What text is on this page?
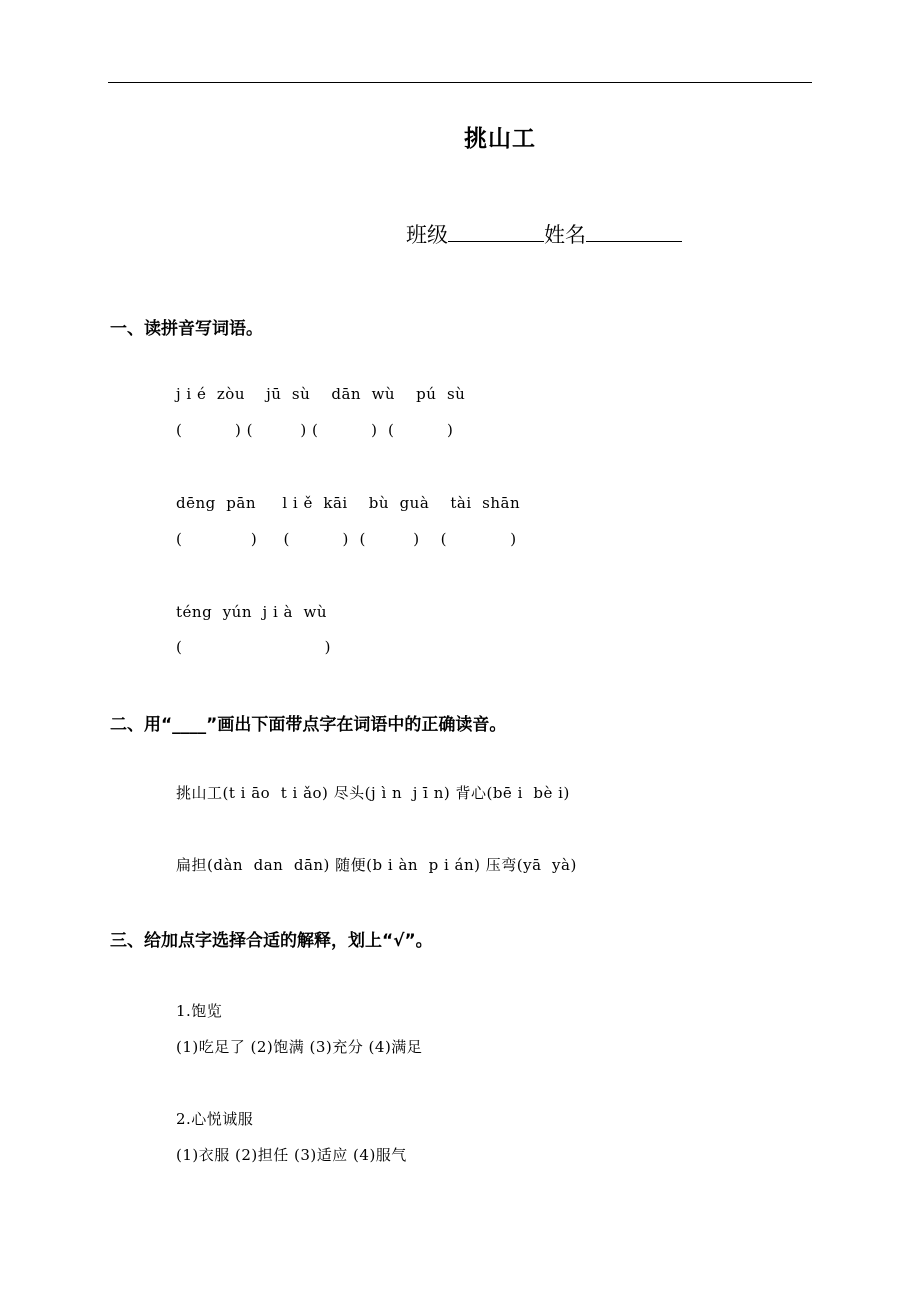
挑山工
班级	姓名
一、读拼音写词语。
j i é  zòu    jū  sù    dān  wù    pú  sù
(          ) (         ) (          )  (          )
dēng  pān     l i ě  kāi    bù  guà    tài  shān
(             )     (          )  (         )    (            )
téng  yún  j i à  wù
(                           )
二、用“____”画出下面带点字在词语中的正确读音。
挑山工(t i āo  t i ǎo) 尽头(j ì n  j ī n) 背心(bē i  bè i)
扁担(dàn  dan  dān) 随便(b i àn  p i án) 压弯(yā  yà)
三、给加点字选择合适的解释，划上“√”。
1.饱览
(1)吃足了 (2)饱满 (3)充分 (4)满足
2.心悦诚服
(1)衣服 (2)担任 (3)适应 (4)服气
